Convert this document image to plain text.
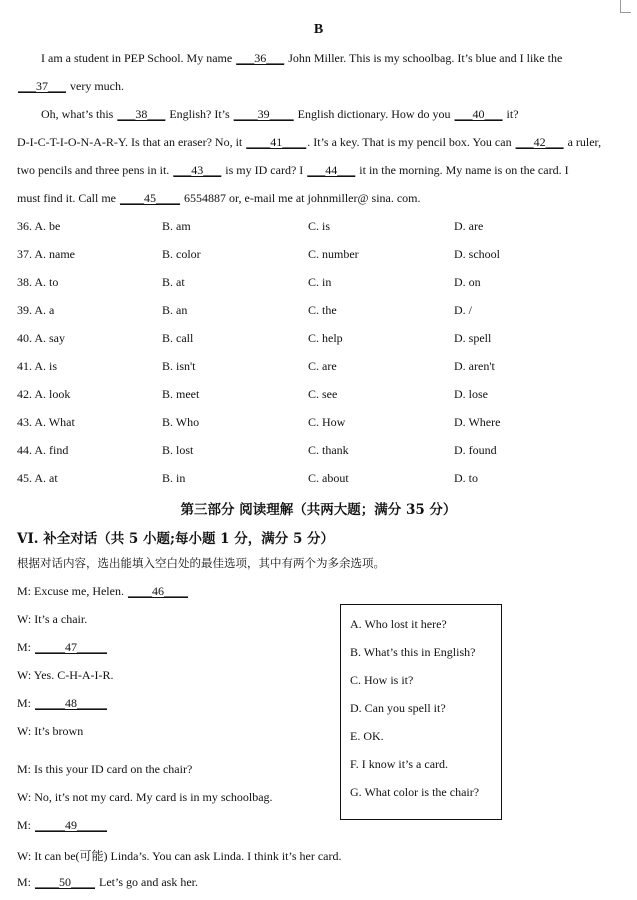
B
I am a student in PEP School. My name ___36___ John Miller. This is my schoolbag. It’s blue and I like the
___37___ very much.
Oh, what’s this ___38___ English? It’s ____39____ English dictionary. How do you ___40___ it?
D-I-C-T-I-O-N-A-R-Y. Is that an eraser? No, it ____41____. It’s a key. That is my pencil box. You can ___42___ a ruler,
two pencils and three pens in it. ___43___ is my ID card? I ___44___ it in the morning. My name is on the card. I
must find it. Call me ____45____ 6554887 or, e-mail me at johnmiller@ sina. com.
36. A. be	B. am	C. is	D. are
37. A. name	B. color	C. number	D. school
38. A. to	B. at	C. in	D. on
39. A. a	B. an	C. the	D. /
40. A. say	B. call	C. help	D. spell
41. A. is	B. isn't	C. are	D. aren't
42. A. look	B. meet	C. see	D. lose
43. A. What	B. Who	C. How	D. Where
44. A. find	B. lost	C. thank	D. found
45. A. at	B. in	C. about	D. to
第三部分 阅读理解（共两大题；满分 35 分）
VI. 补全对话（共 5 小题;每小题 1 分，满分 5 分）
根据对话内容，选出能填入空白处的最佳选项，其中有两个为多余选项。
M: Excuse me, Helen. ____46____
W: It’s a chair.
M: _____47_____
W: Yes. C-H-A-I-R.
M: _____48_____
W: It’s brown
M: Is this your ID card on the chair?
W: No, it’s not my card. My card is in my schoolbag.
M: _____49_____
W: It can be(可能) Linda’s. You can ask Linda. I think it’s her card.
M: ____50____ Let’s go and ask her.
A. Who lost it here?
B. What’s this in English?
C. How is it?
D. Can you spell it?
E. OK.
F. I know it’s a card.
G. What color is the chair?
